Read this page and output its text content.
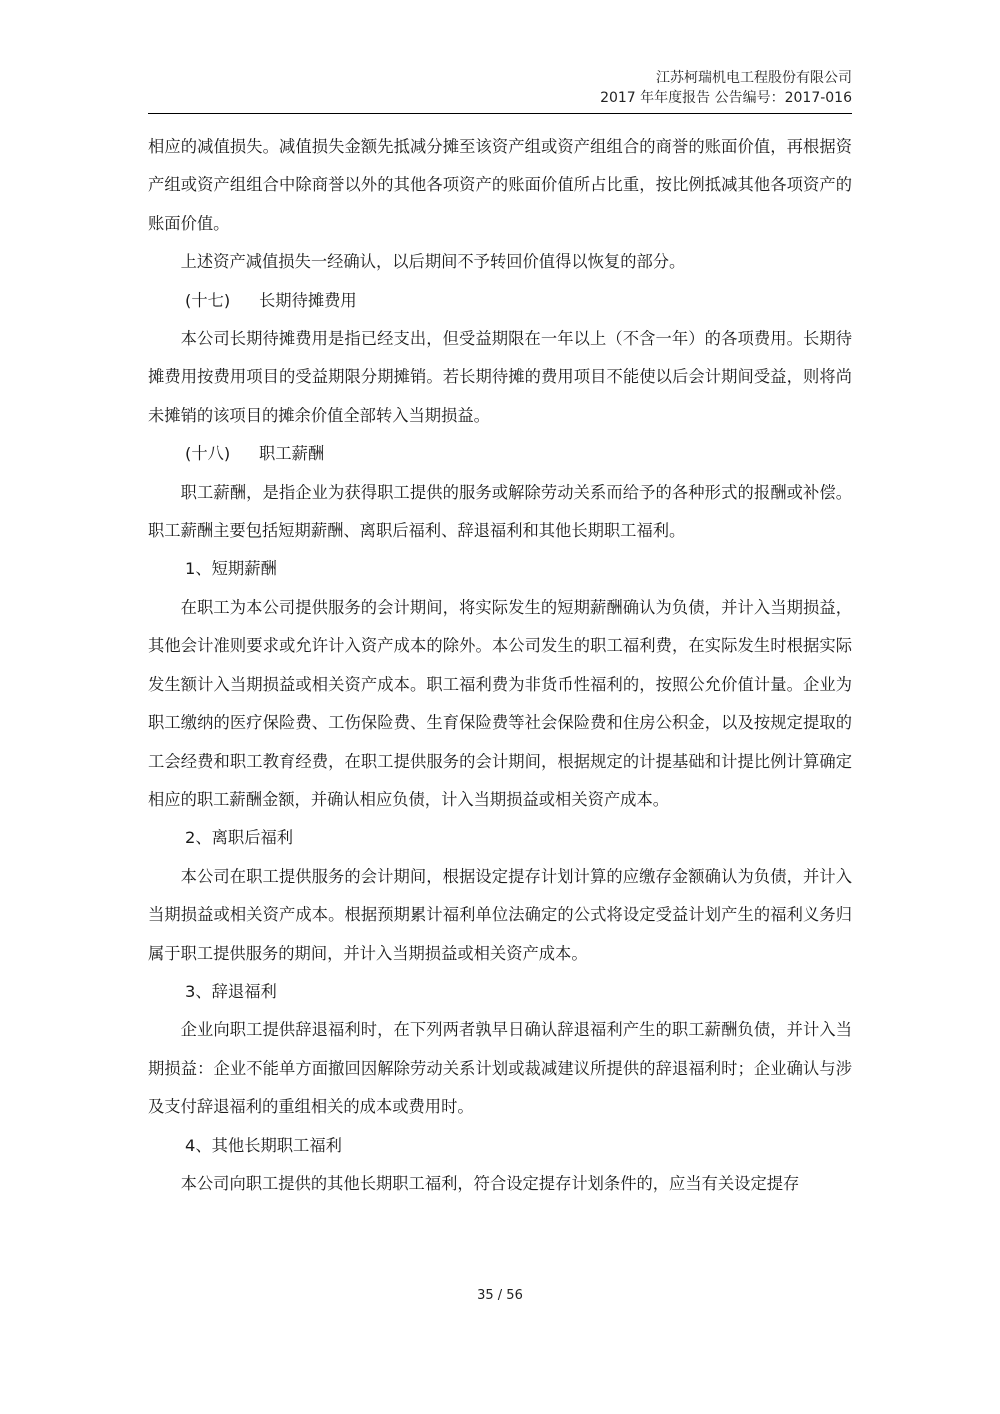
江苏柯瑞机电工程股份有限公司
2017 年年度报告 公告编号：2017-016

相应的减值损失。减值损失金额先抵减分摊至该资产组或资产组组合的商誉的账面价值，再根据资产组或资产组组合中除商誉以外的其他各项资产的账面价值所占比重，按比例抵减其他各项资产的账面价值。

上述资产减值损失一经确认，以后期间不予转回价值得以恢复的部分。

(十七) 长期待摊费用

本公司长期待摊费用是指已经支出，但受益期限在一年以上（不含一年）的各项费用。长期待摊费用按费用项目的受益期限分期摊销。若长期待摊的费用项目不能使以后会计期间受益，则将尚未摊销的该项目的摊余价值全部转入当期损益。

(十八) 职工薪酬

职工薪酬，是指企业为获得职工提供的服务或解除劳动关系而给予的各种形式的报酬或补偿。职工薪酬主要包括短期薪酬、离职后福利、辞退福利和其他长期职工福利。

1、短期薪酬

在职工为本公司提供服务的会计期间，将实际发生的短期薪酬确认为负债，并计入当期损益，其他会计准则要求或允许计入资产成本的除外。本公司发生的职工福利费，在实际发生时根据实际发生额计入当期损益或相关资产成本。职工福利费为非货币性福利的，按照公允价值计量。企业为职工缴纳的医疗保险费、工伤保险费、生育保险费等社会保险费和住房公积金，以及按规定提取的工会经费和职工教育经费，在职工提供服务的会计期间，根据规定的计提基础和计提比例计算确定相应的职工薪酬金额，并确认相应负债，计入当期损益或相关资产成本。

2、离职后福利

本公司在职工提供服务的会计期间，根据设定提存计划计算的应缴存金额确认为负债，并计入当期损益或相关资产成本。根据预期累计福利单位法确定的公式将设定受益计划产生的福利义务归属于职工提供服务的期间，并计入当期损益或相关资产成本。

3、辞退福利

企业向职工提供辞退福利时，在下列两者孰早日确认辞退福利产生的职工薪酬负债，并计入当期损益：企业不能单方面撤回因解除劳动关系计划或裁减建议所提供的辞退福利时；企业确认与涉及支付辞退福利的重组相关的成本或费用时。

4、其他长期职工福利

本公司向职工提供的其他长期职工福利，符合设定提存计划条件的，应当有关设定提存

35 / 56
